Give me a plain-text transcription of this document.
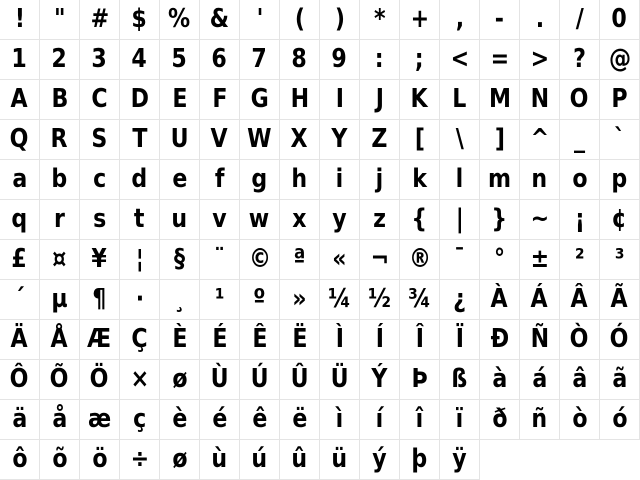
!	" # $ % &	'	(	)	* +	,	-	.	/	0
1 2 3 4 5 6 7 8 9	:	;	< = > ? @
A B C D E F G H	I	J	K L M N O P
Q R S T U V W X Y Z	[	\	] ^ _	`
a b c d e	f	g h	i	j	k	l m n o p
q	r	s	t	u v w x y	z {	|	} ~ ¡	¢
£ ¤ ¥	¦	§	¨ © ª	« ¬ ® ¯	° ± ²	³
´	µ ¶	·	¸	¹	º	» ¼ ½ ¾ ¿ À Á Â Ã
Ä Å Æ Ç È É Ê Ë	Ì	Í	Î	Ï	Ð Ñ Ò Ó
Ô Õ Ö × ø Ù Ú Û Ü Ý Þ ß à á â ã
ä å æ ç è é ê ë	ì	í	î	ï	ð ñ ò ó
ô õ ö ÷ ø ù ú û ü ý þ ÿ
